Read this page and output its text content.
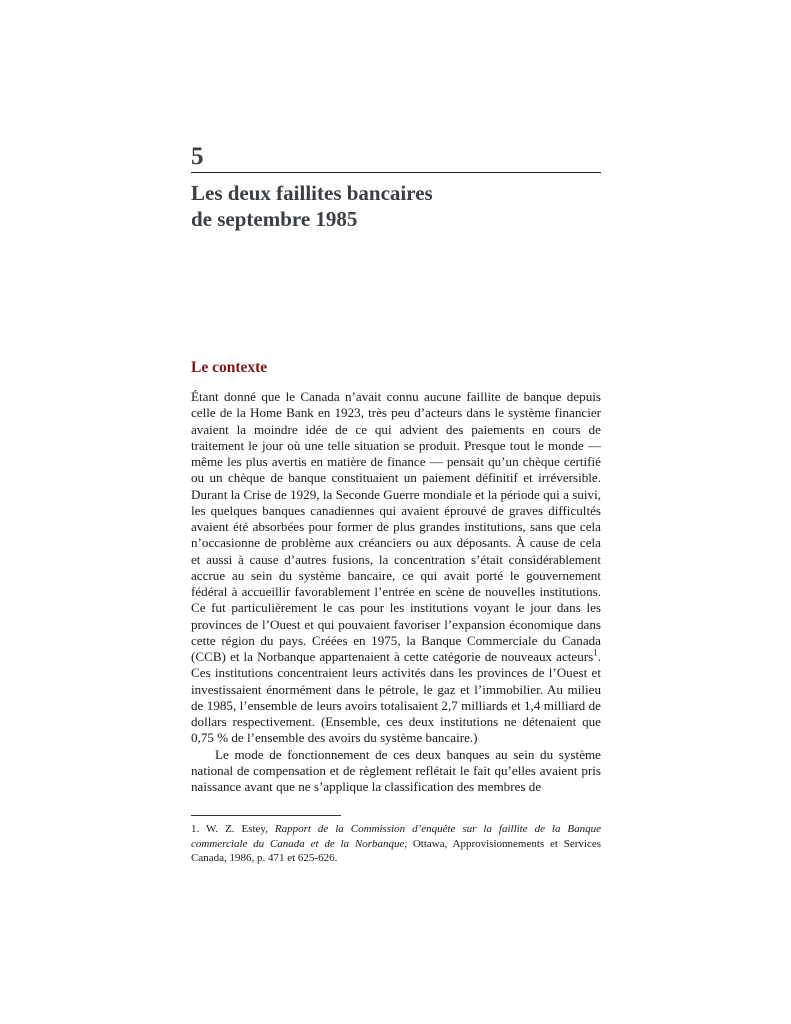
5
Les deux faillites bancaires
de septembre 1985
Le contexte

Étant donné que le Canada n’avait connu aucune faillite de banque depuis celle de la Home Bank en 1923, très peu d’acteurs dans le système financier avaient la moindre idée de ce qui advient des paiements en cours de traitement le jour où une telle situation se produit. Presque tout le monde — même les plus avertis en matière de finance — pensait qu’un chèque certifié ou un chèque de banque constituaient un paiement définitif et irréversible. Durant la Crise de 1929, la Seconde Guerre mondiale et la période qui a suivi, les quelques banques canadiennes qui avaient éprouvé de graves difficultés avaient été absorbées pour former de plus grandes institutions, sans que cela n’occasionne de problème aux créanciers ou aux déposants. À cause de cela et aussi à cause d’autres fusions, la concentration s’était considérablement accrue au sein du système bancaire, ce qui avait porté le gouvernement fédéral à accueillir favorablement l’entrée en scène de nouvelles institutions. Ce fut particulièrement le cas pour les institutions voyant le jour dans les provinces de l’Ouest et qui pouvaient favoriser l’expansion économique dans cette région du pays. Créées en 1975, la Banque Commerciale du Canada (CCB) et la Norbanque appartenaient à cette catégorie de nouveaux acteurs$^1$. Ces institutions concentraient leurs activités dans les provinces de l’Ouest et investissaient énormément dans le pétrole, le gaz et l’immobilier. Au milieu de 1985, l’ensemble de leurs avoirs totalisaient 2,7 milliards et 1,4 milliard de dollars respectivement. (Ensemble, ces deux institutions ne détenaient que 0,75 % de l’ensemble des avoirs du système bancaire.)

Le mode de fonctionnement de ces deux banques au sein du système national de compensation et de règlement reflétait le fait qu’elles avaient pris naissance avant que ne s’applique la classification des membres de

1. W. Z. Estey, Rapport de la Commission d’enquête sur la faillite de la Banque commerciale du Canada et de la Norbanque, Ottawa, Approvisionnements et Services Canada, 1986, p. 471 et 625-626.
